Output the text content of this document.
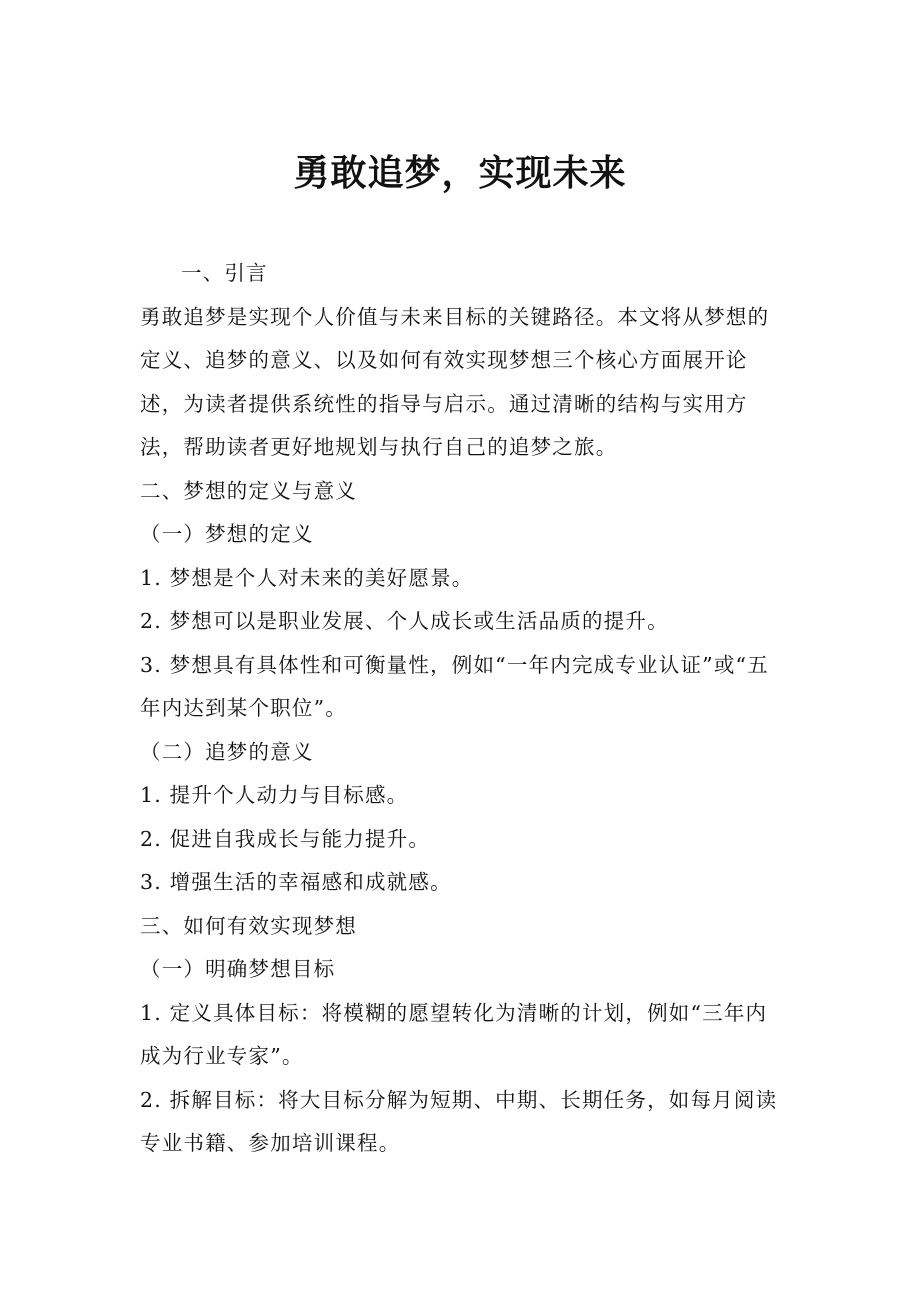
勇敢追梦，实现未来

一、引言

勇敢追梦是实现个人价值与未来目标的关键路径。本文将从梦想的定义、追梦的意义、以及如何有效实现梦想三个核心方面展开论述，为读者提供系统性的指导与启示。通过清晰的结构与实用方法，帮助读者更好地规划与执行自己的追梦之旅。

二、梦想的定义与意义

（一）梦想的定义

1. 梦想是个人对未来的美好愿景。

2. 梦想可以是职业发展、个人成长或生活品质的提升。

3. 梦想具有具体性和可衡量性，例如“一年内完成专业认证”或“五年内达到某个职位”。

（二）追梦的意义

1. 提升个人动力与目标感。

2. 促进自我成长与能力提升。

3. 增强生活的幸福感和成就感。

三、如何有效实现梦想

（一）明确梦想目标

1. 定义具体目标：将模糊的愿望转化为清晰的计划，例如“三年内成为行业专家”。

2. 拆解目标：将大目标分解为短期、中期、长期任务，如每月阅读专业书籍、参加培训课程。
